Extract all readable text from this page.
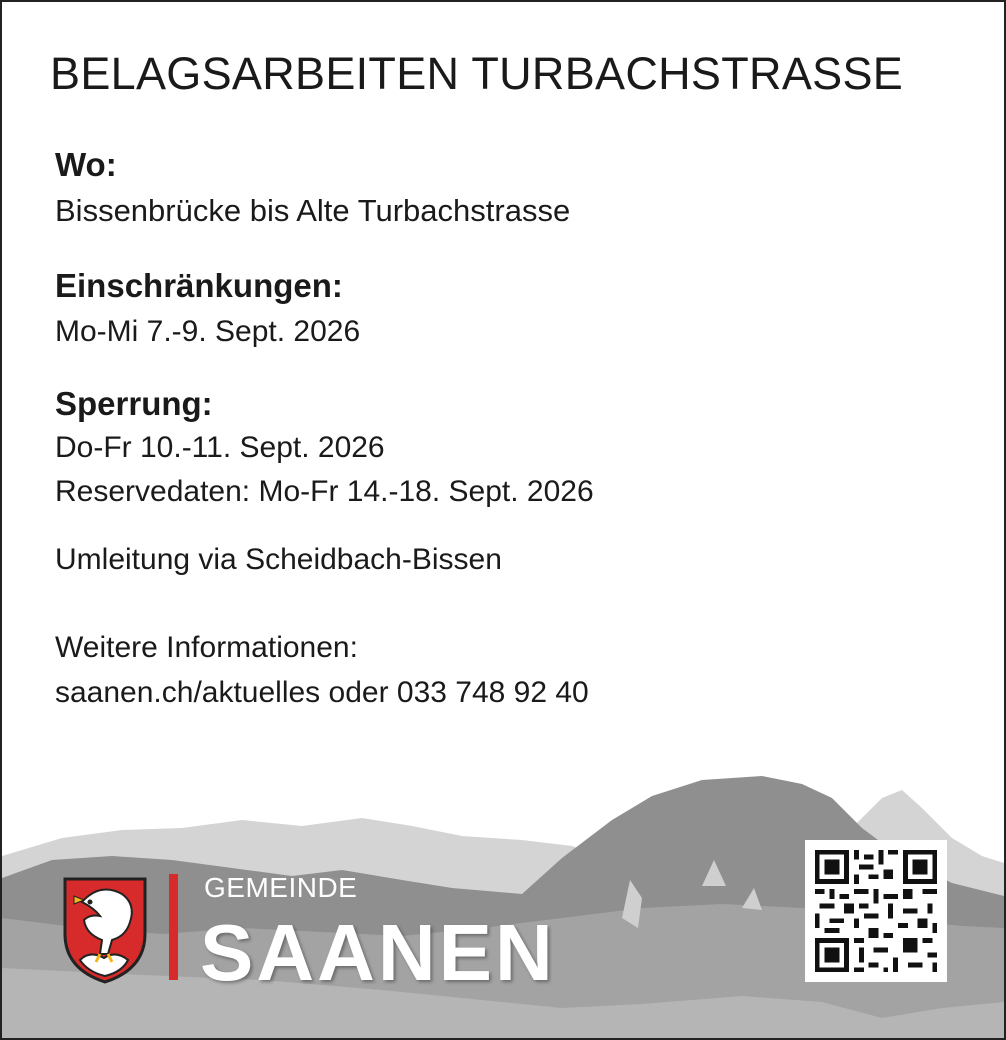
BELAGSARBEITEN TURBACHSTRASSE
Wo:
Bissenbrücke bis Alte Turbachstrasse
Einschränkungen:
Mo-Mi 7.-9. Sept. 2026
Sperrung:
Do-Fr 10.-11. Sept. 2026
Reservedaten: Mo-Fr 14.-18. Sept. 2026
Umleitung via Scheidbach-Bissen
Weitere Informationen:
saanen.ch/aktuelles oder 033 748 92 40
GEMEINDE
SAANEN
